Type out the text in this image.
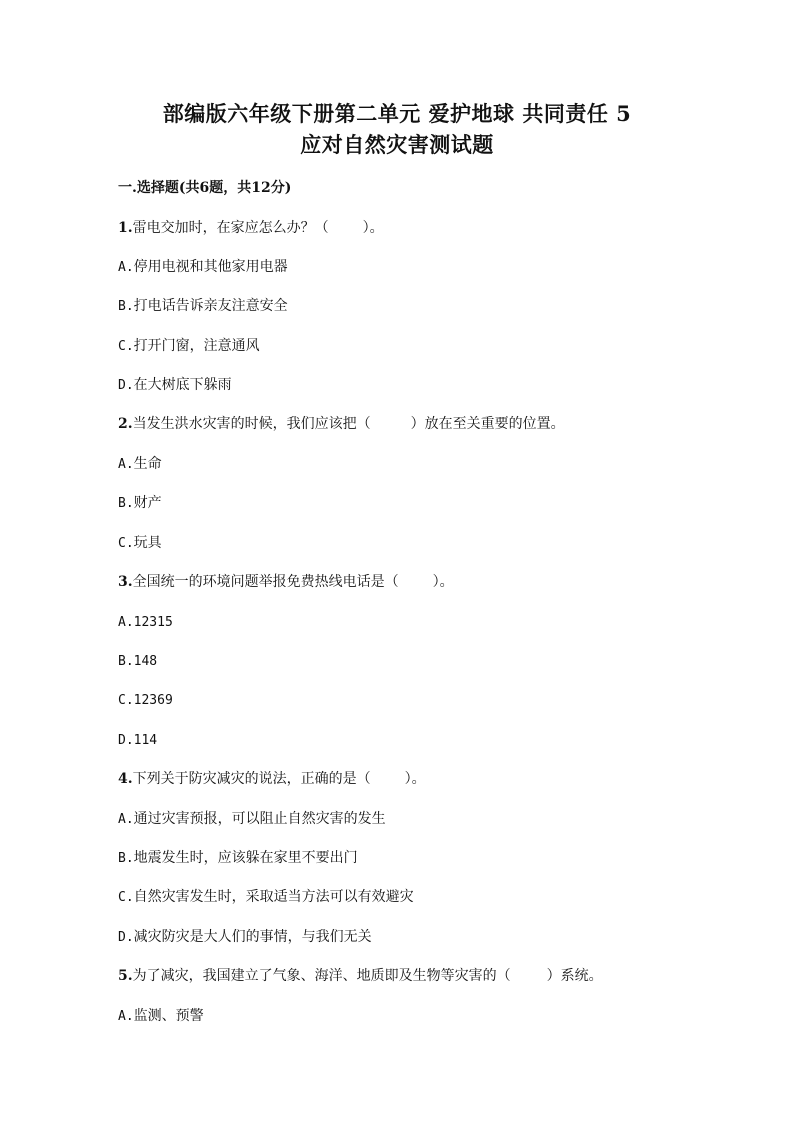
部编版六年级下册第二单元 爱护地球 共同责任 5
应对自然灾害测试题
一.选择题(共6题，共12分)
1.雷电交加时，在家应怎么办？（ ）。
A.停用电视和其他家用电器
B.打电话告诉亲友注意安全
C.打开门窗，注意通风
D.在大树底下躲雨
2.当发生洪水灾害的时候，我们应该把（	）放在至关重要的位置。
A.生命
B.财产
C.玩具
3.全国统一的环境问题举报免费热线电话是（ ）。
A.12315
B.148
C.12369
D.114
4.下列关于防灾减灾的说法，正确的是（ ）。
A.通过灾害预报，可以阻止自然灾害的发生
B.地震发生时，应该躲在家里不要出门
C.自然灾害发生时，采取适当方法可以有效避灾
D.减灾防灾是大人们的事情，与我们无关
5.为了减灾，我国建立了气象、海洋、地质即及生物等灾害的（	）系统。
A.监测、预警
